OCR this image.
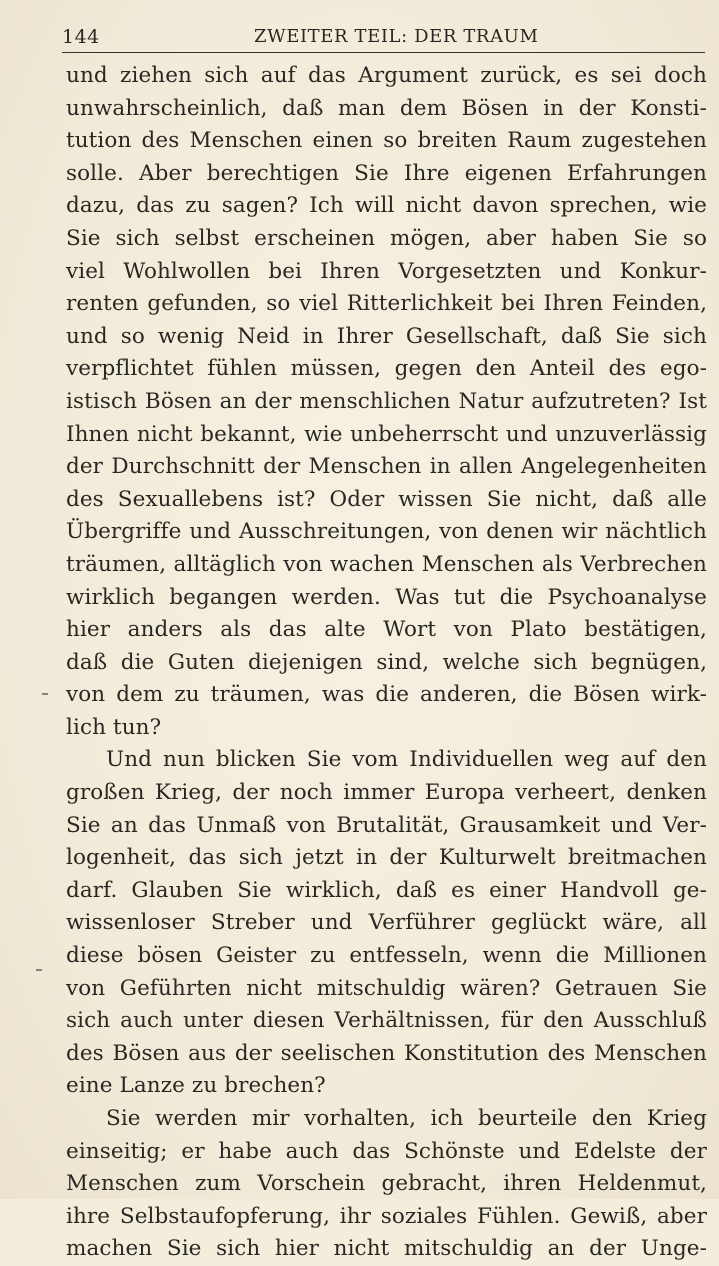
144	ZWEITER TEIL: DER TRAUM
und ziehen sich auf das Argument zurück, es sei doch
unwahrscheinlich, daß man dem Bösen in der Konsti-
tution des Menschen einen so breiten Raum zugestehen
solle. Aber berechtigen Sie Ihre eigenen Erfahrungen
dazu, das zu sagen? Ich will nicht davon sprechen, wie
Sie sich selbst erscheinen mögen, aber haben Sie so
viel Wohlwollen bei Ihren Vorgesetzten und Konkur-
renten gefunden, so viel Ritterlichkeit bei Ihren Feinden,
und so wenig Neid in Ihrer Gesellschaft, daß Sie sich
verpflichtet fühlen müssen, gegen den Anteil des ego-
istisch Bösen an der menschlichen Natur aufzutreten? Ist
Ihnen nicht bekannt, wie unbeherrscht und unzuverlässig
der Durchschnitt der Menschen in allen Angelegenheiten
des Sexuallebens ist? Oder wissen Sie nicht, daß alle
Übergriffe und Ausschreitungen, von denen wir nächtlich
träumen, alltäglich von wachen Menschen als Verbrechen
wirklich begangen werden. Was tut die Psychoanalyse
hier anders als das alte Wort von Plato bestätigen,
daß die Guten diejenigen sind, welche sich begnügen,
von dem zu träumen, was die anderen, die Bösen wirk-
lich tun?
Und nun blicken Sie vom Individuellen weg auf den
großen Krieg, der noch immer Europa verheert, denken
Sie an das Unmaß von Brutalität, Grausamkeit und Ver-
logenheit, das sich jetzt in der Kulturwelt breitmachen
darf. Glauben Sie wirklich, daß es einer Handvoll ge-
wissenloser Streber und Verführer geglückt wäre, all
diese bösen Geister zu entfesseln, wenn die Millionen
von Geführten nicht mitschuldig wären? Getrauen Sie
sich auch unter diesen Verhältnissen, für den Ausschluß
des Bösen aus der seelischen Konstitution des Menschen
eine Lanze zu brechen?
Sie werden mir vorhalten, ich beurteile den Krieg
einseitig; er habe auch das Schönste und Edelste der
Menschen zum Vorschein gebracht, ihren Heldenmut,
ihre Selbstaufopferung, ihr soziales Fühlen. Gewiß, aber
machen Sie sich hier nicht mitschuldig an der Unge-
